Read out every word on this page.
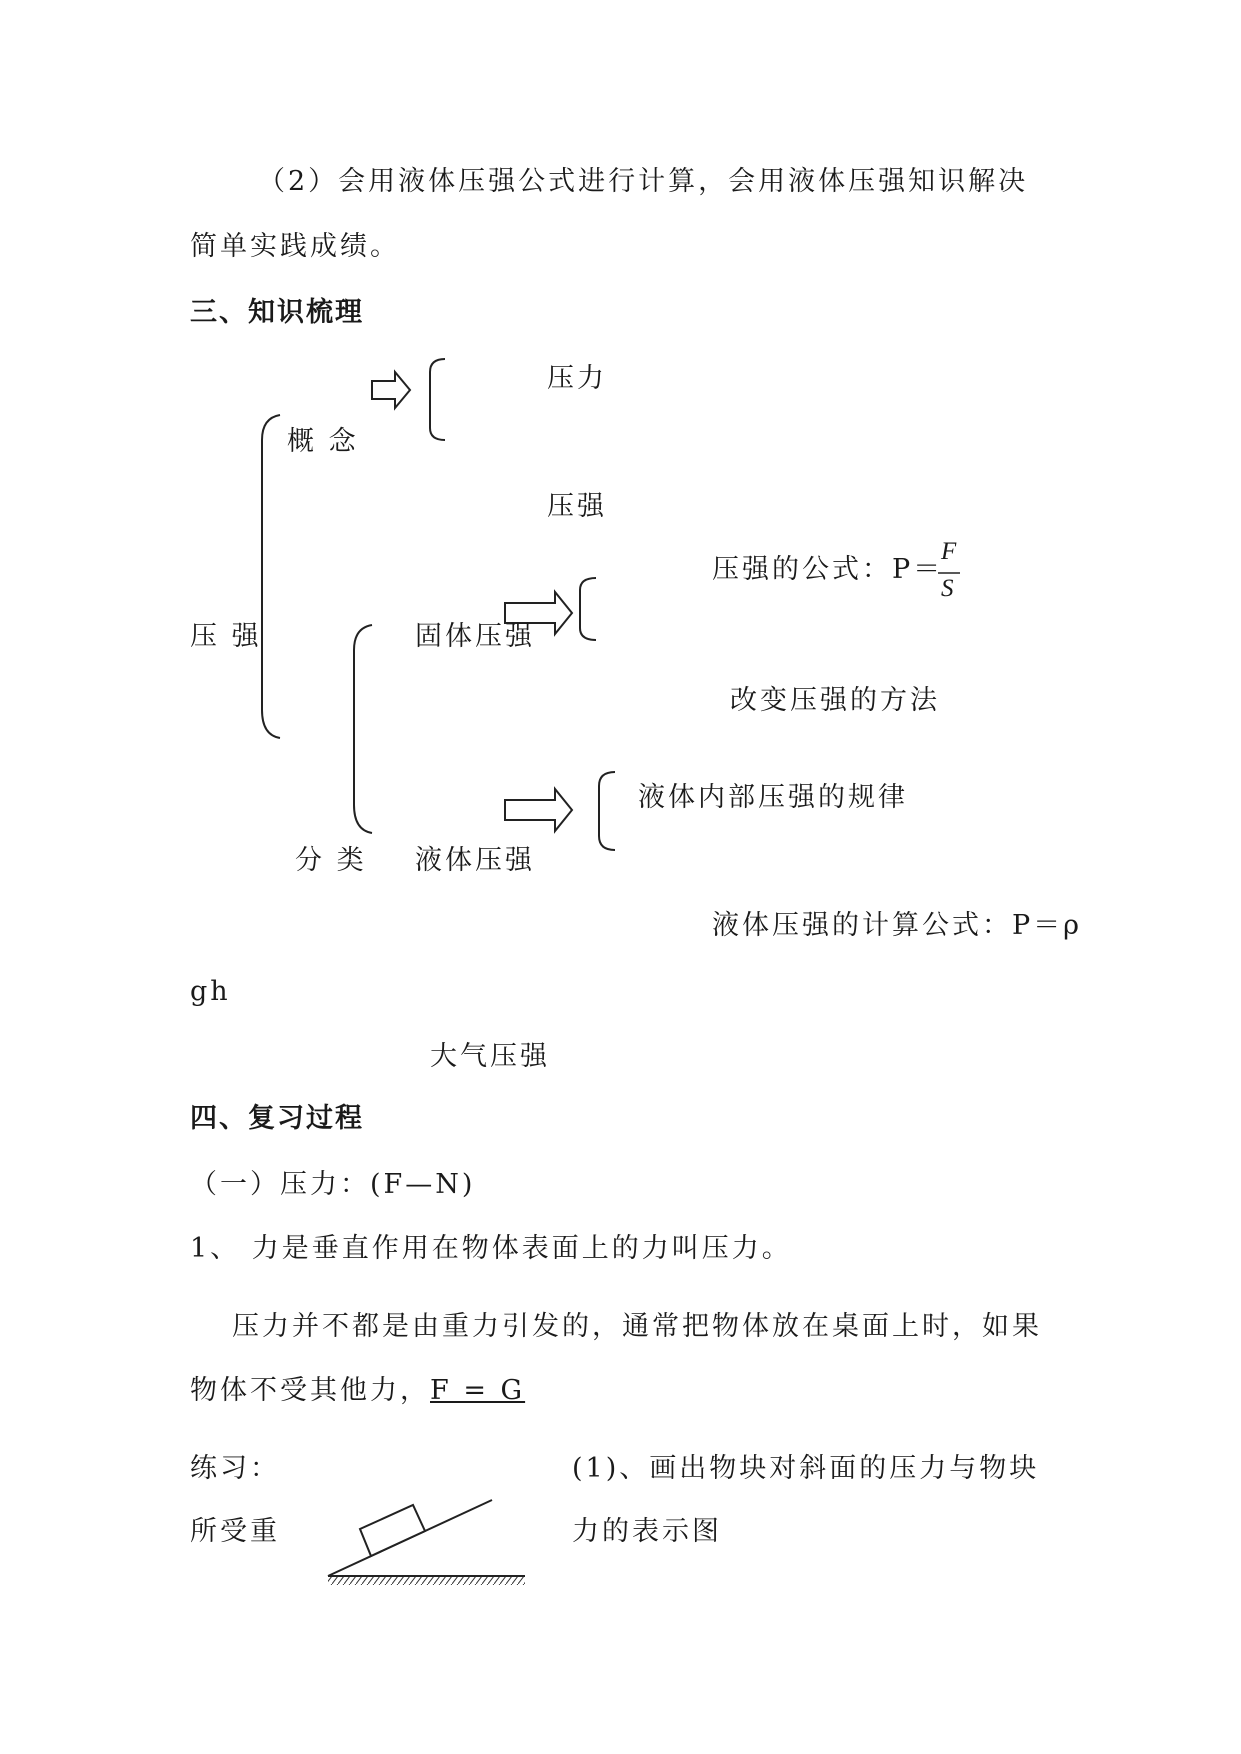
（2）会用液体压强公式进行计算，会用液体压强知识解决
简单实践成绩。
三、知识梳理
压力
概 念
压强
压强的公式：P＝
F
S
压 强	固体压强
改变压强的方法
液体内部压强的规律
分 类 液体压强
液体压强的计算公式：P＝ρ
gh
大气压强
四、复习过程
（一）压力：(F—N)
1、 力是垂直作用在物体表面上的力叫压力。
压力并不都是由重力引发的，通常把物体放在桌面上时，如果
物体不受其他力，F = G
练习：	(1)、画出物块对斜面的压力与物块
所受重	力的表示图
